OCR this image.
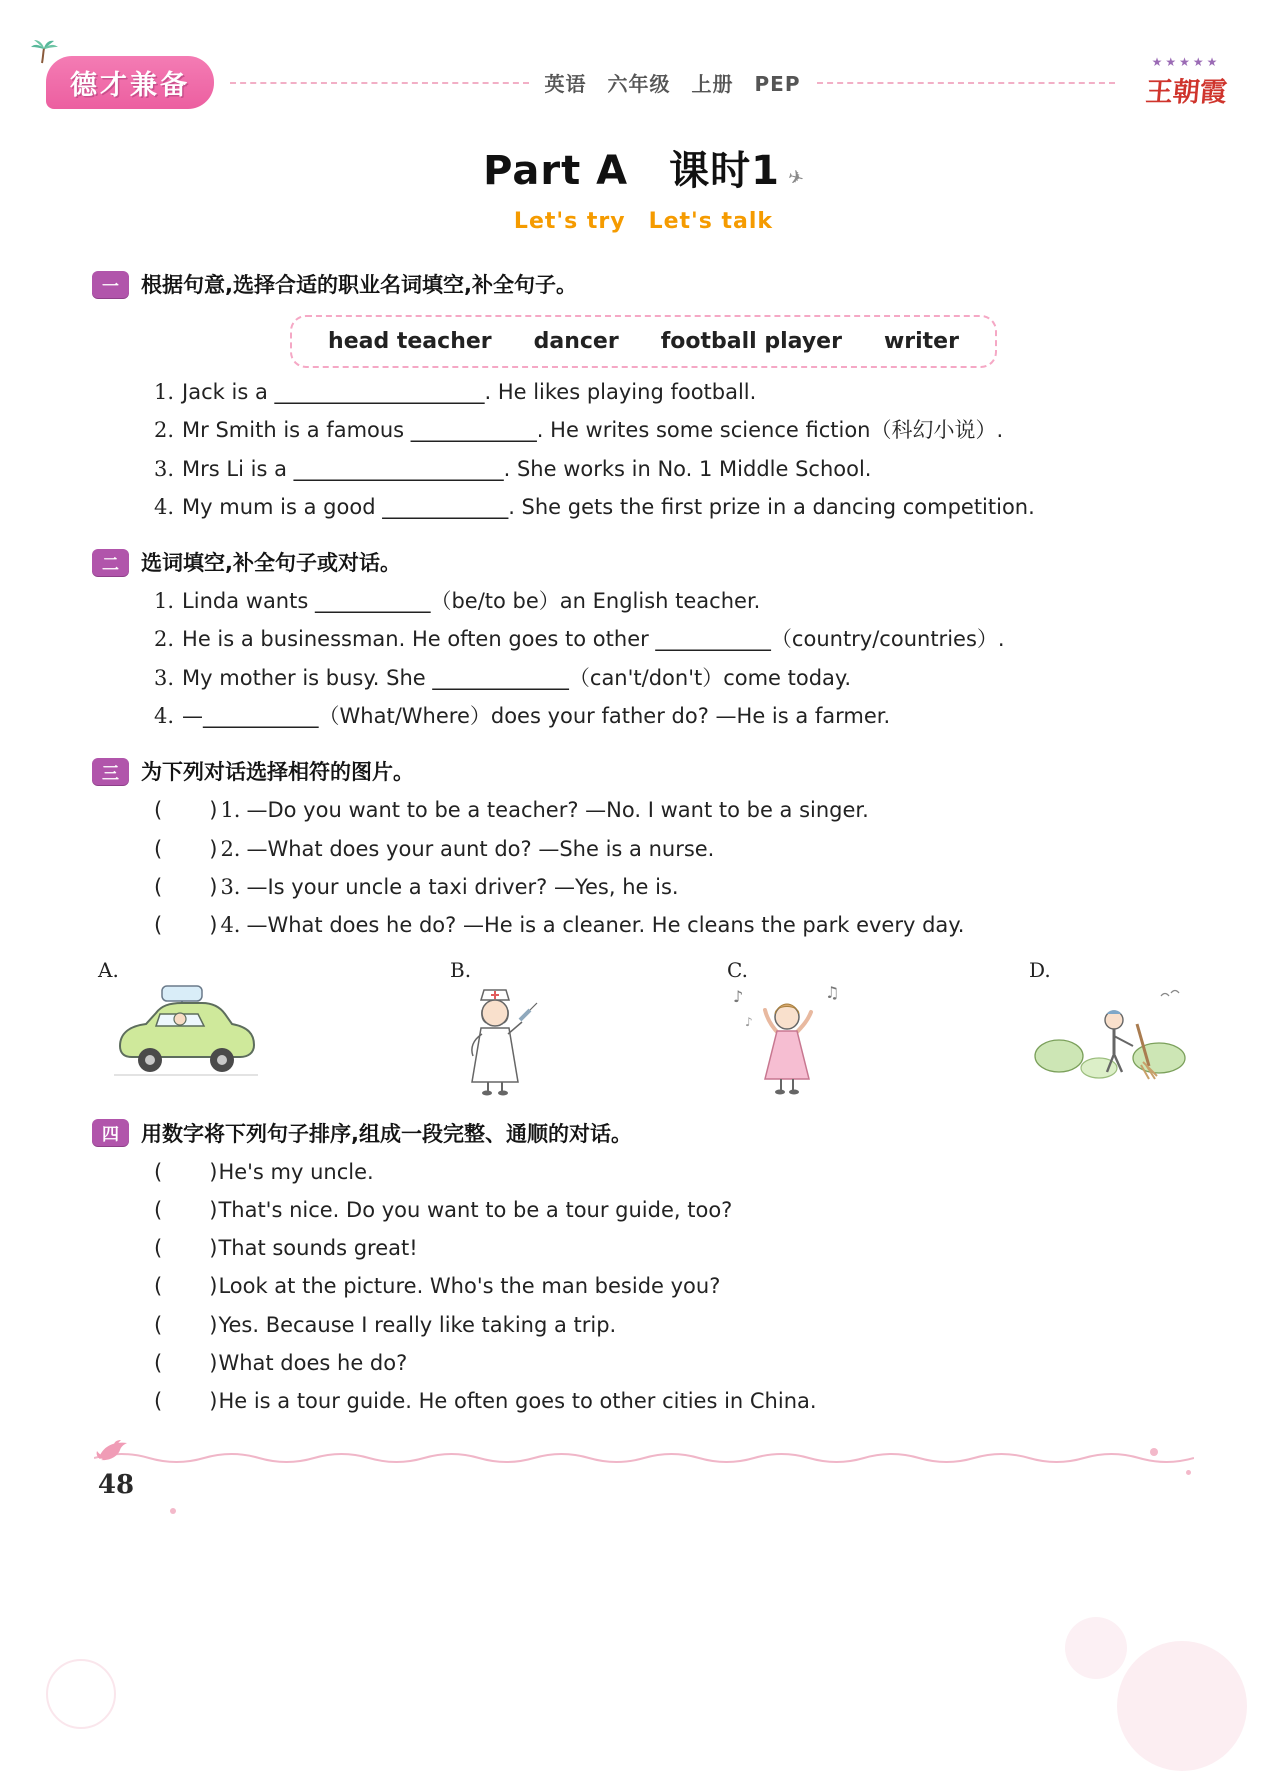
德才兼备	英语　六年级　上册　PEP
★★★★★
王朝霞
Part A　课时1 ✈
Let's try　Let's talk
一	根据句意,选择合适的职业名词填空,补全句子。
head teacher dancer football player writer
1. Jack is a ____________________. He likes playing football.
2. Mr Smith is a famous ____________. He writes some science fiction（科幻小说）.
3. Mrs Li is a ____________________. She works in No. 1 Middle School.
4. My mum is a good ____________. She gets the first prize in a dancing competition.
二	选词填空,补全句子或对话。
1. Linda wants ___________（be/to be）an English teacher.
2. He is a businessman. He often goes to other ___________（country/countries）.
3. My mother is busy. She _____________（can't/don't）come today.
4. —___________（What/Where）does your father do? —He is a farmer.
三	为下列对话选择相符的图片。
(      )1. —Do you want to be a teacher? —No. I want to be a singer.
(      )2. —What does your aunt do? —She is a nurse.
(      )3. —Is your uncle a taxi driver? —Yes, he is.
(      )4. —What does he do? —He is a cleaner. He cleans the park every day.
A.	B.	C.
♪	♫
♪
D.
四	用数字将下列句子排序,组成一段完整、通顺的对话。
(      )He's my uncle.
(      )That's nice. Do you want to be a tour guide, too?
(      )That sounds great!
(      )Look at the picture. Who's the man beside you?
(      )Yes. Because I really like taking a trip.
(      )What does he do?
(      )He is a tour guide. He often goes to other cities in China.
48
